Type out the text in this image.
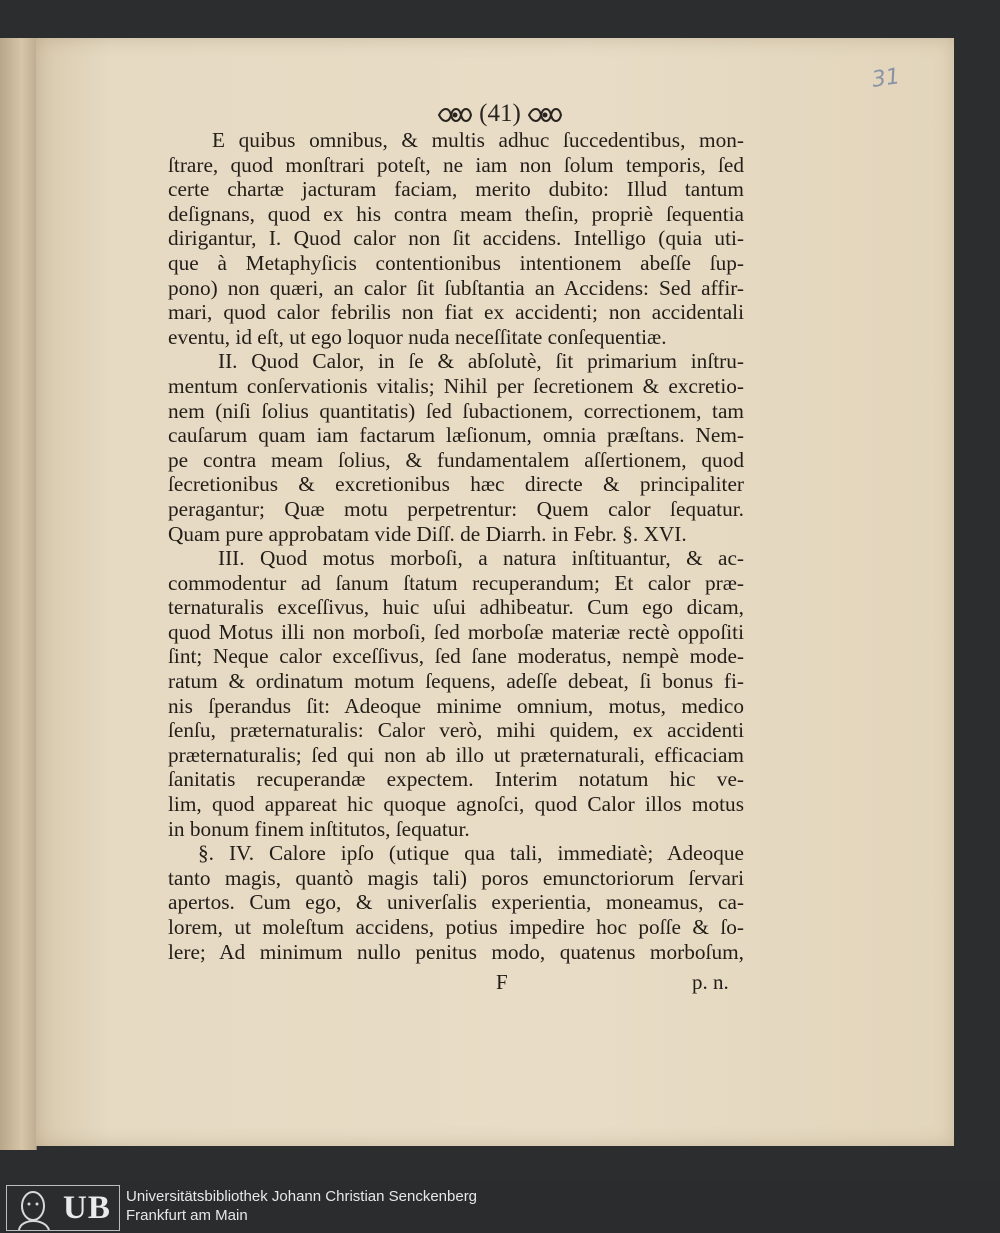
31
(41)
E quibus omnibus, & multis adhuc ſuccedentibus, mon-
ſtrare, quod monſtrari poteſt, ne iam non ſolum temporis, ſed
certe chartæ jacturam faciam, merito dubito: Illud tantum
deſignans, quod ex his contra meam theſin, propriè ſequentia
dirigantur, I. Quod calor non ſit accidens. Intelligo (quia uti-
que à Metaphyſicis contentionibus intentionem abeſſe ſup-
pono) non quæri, an calor ſit ſubſtantia an Accidens: Sed affir-
mari, quod calor febrilis non fiat ex accidenti; non accidentali
eventu, id eſt, ut ego loquor nuda neceſſitate conſequentiæ.
II. Quod Calor, in ſe & abſolutè, ſit primarium inſtru-
mentum conſervationis vitalis; Nihil per ſecretionem & excretio-
nem (niſi ſolius quantitatis) ſed ſubactionem, correctionem, tam
cauſarum quam iam factarum læſionum, omnia præſtans. Nem-
pe contra meam ſolius, & fundamentalem aſſertionem, quod
ſecretionibus & excretionibus hæc directe & principaliter
peragantur; Quæ motu perpetrentur: Quem calor ſequatur.
Quam pure approbatam vide Diſſ. de Diarrh. in Febr. §. XVI.
III. Quod motus morboſi, a natura inſtituantur, & ac-
commodentur ad ſanum ſtatum recuperandum; Et calor præ-
ternaturalis exceſſivus, huic uſui adhibeatur. Cum ego dicam,
quod Motus illi non morboſi, ſed morboſæ materiæ rectè oppoſiti
ſint; Neque calor exceſſivus, ſed ſane moderatus, nempè mode-
ratum & ordinatum motum ſequens, adeſſe debeat, ſi bonus fi-
nis ſperandus ſit: Adeoque minime omnium, motus, medico
ſenſu, præternaturalis: Calor verò, mihi quidem, ex accidenti
præternaturalis; ſed qui non ab illo ut præternaturali, efficaciam
ſanitatis recuperandæ expectem. Interim notatum hic ve-
lim, quod appareat hic quoque agnoſci, quod Calor illos motus
in bonum finem inſtitutos, ſequatur.
§. IV. Calore ipſo (utique qua tali, immediatè; Adeoque
tanto magis, quantò magis tali) poros emunctoriorum ſervari
apertos. Cum ego, & univerſalis experientia, moneamus, ca-
lorem, ut moleſtum accidens, potius impedire hoc poſſe & ſo-
lere; Ad minimum nullo penitus modo, quatenus morboſum,
F	p. n.
UB Universitätsbibliothek Johann Christian Senckenberg
Frankfurt am Main
